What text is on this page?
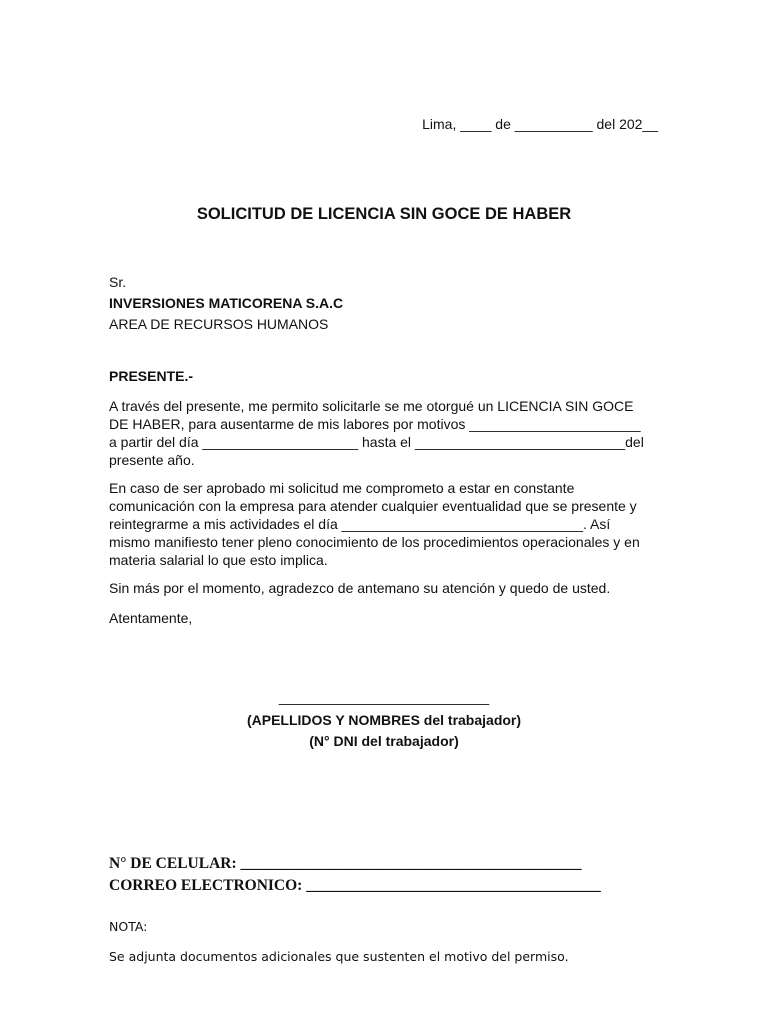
Lima, ____ de __________ del 202__
SOLICITUD DE LICENCIA SIN GOCE DE HABER
Sr.
INVERSIONES MATICORENA S.A.C
AREA DE RECURSOS HUMANOS
PRESENTE.-
A través del presente, me permito solicitarle se me otorgué un LICENCIA SIN GOCE
DE HABER, para ausentarme de mis labores por motivos ______________________
a partir del día ____________________ hasta el ___________________________del
presente año.
En caso de ser aprobado mi solicitud me comprometo a estar en constante
comunicación con la empresa para atender cualquier eventualidad que se presente y
reintegrarme a mis actividades el día _______________________________. Así
mismo manifiesto tener pleno conocimiento de los procedimientos operacionales y en
materia salarial lo que esto implica.
Sin más por el momento, agradezco de antemano su atención y quedo de usted.
Atentamente,
___________________________
(APELLIDOS Y NOMBRES del trabajador)
(N° DNI del trabajador)
N° DE CELULAR: ____________________________________________
CORREO ELECTRONICO: ______________________________________
NOTA:
Se adjunta documentos adicionales que sustenten el motivo del permiso.
